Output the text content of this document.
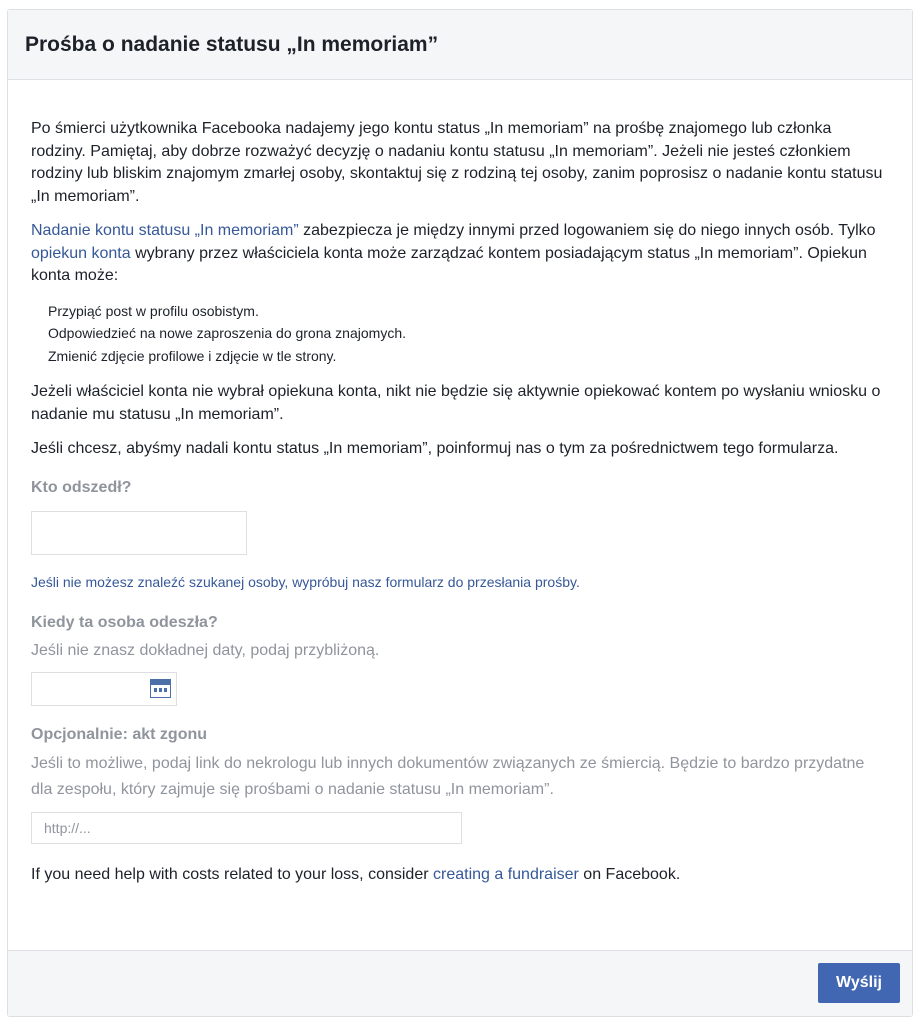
Prośba o nadanie statusu „In memoriam”

Po śmierci użytkownika Facebooka nadajemy jego kontu status „In memoriam” na prośbę znajomego lub członka rodziny. Pamiętaj, aby dobrze rozważyć decyzję o nadaniu kontu statusu „In memoriam”. Jeżeli nie jesteś członkiem rodziny lub bliskim znajomym zmarłej osoby, skontaktuj się z rodziną tej osoby, zanim poprosisz o nadanie kontu statusu „In memoriam”.

Nadanie kontu statusu „In memoriam” zabezpiecza je między innymi przed logowaniem się do niego innych osób. Tylko opiekun konta wybrany przez właściciela konta może zarządzać kontem posiadającym status „In memoriam”. Opiekun konta może:

Przypiąć post w profilu osobistym.
Odpowiedzieć na nowe zaproszenia do grona znajomych.
Zmienić zdjęcie profilowe i zdjęcie w tle strony.

Jeżeli właściciel konta nie wybrał opiekuna konta, nikt nie będzie się aktywnie opiekować kontem po wysłaniu wniosku o nadanie mu statusu „In memoriam”.

Jeśli chcesz, abyśmy nadali kontu status „In memoriam”, poinformuj nas o tym za pośrednictwem tego formularza.

Kto odszedł?
Jeśli nie możesz znaleźć szukanej osoby, wypróbuj nasz formularz do przesłania prośby.
Kiedy ta osoba odeszła?
Jeśli nie znasz dokładnej daty, podaj przybliżoną.
Opcjonalnie: akt zgonu
Jeśli to możliwe, podaj link do nekrologu lub innych dokumentów związanych ze śmiercią. Będzie to bardzo przydatne dla zespołu, który zajmuje się prośbami o nadanie statusu „In memoriam”.
http://...
If you need help with costs related to your loss, consider creating a fundraiser on Facebook.
Wyślij
